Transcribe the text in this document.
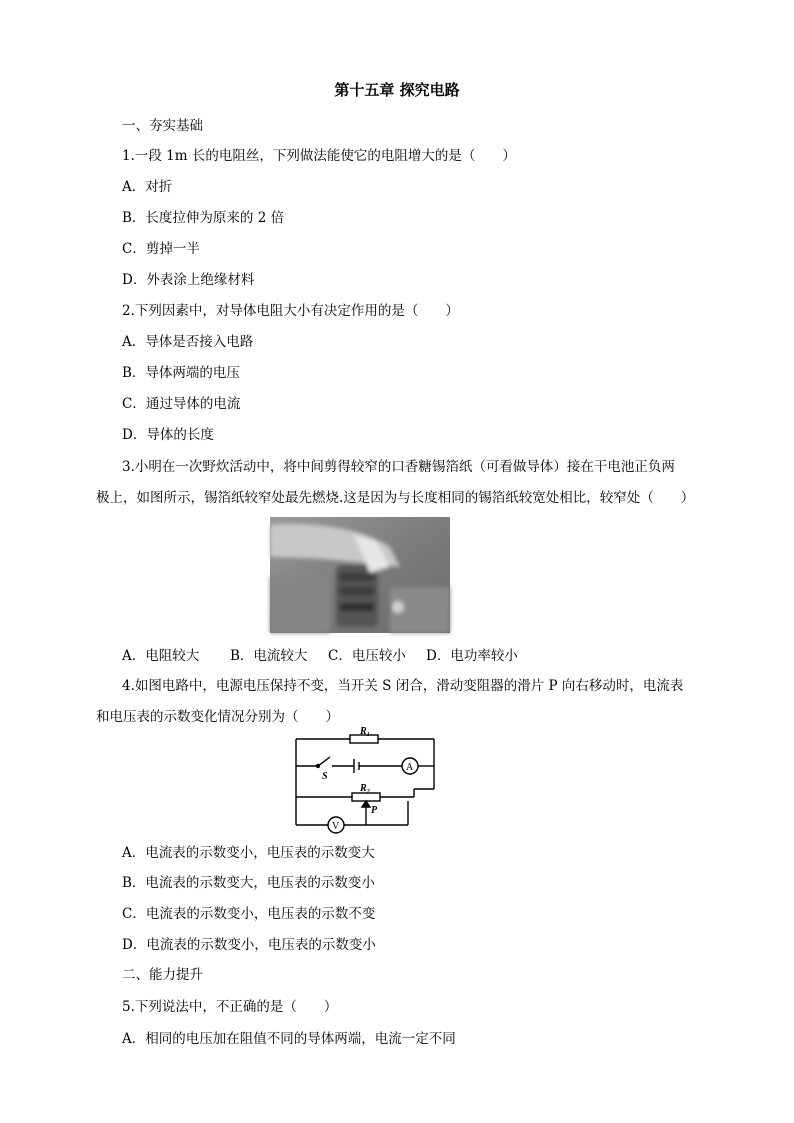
第十五章 探究电路
一、夯实基础
1.一段 1m 长的电阻丝，下列做法能使它的电阻增大的是（　　）
A．对折
B．长度拉伸为原来的 2 倍
C．剪掉一半
D．外表涂上绝缘材料
2.下列因素中，对导体电阻大小有决定作用的是（　　）
A．导体是否接入电路
B．导体两端的电压
C．通过导体的电流
D．导体的长度
3.小明在一次野炊活动中，将中间剪得较窄的口香糖锡箔纸（可看做导体）接在干电池正负两
极上，如图所示，锡箔纸较窄处最先燃烧.这是因为与长度相同的锡箔纸较宽处相比，较窄处（　　）
A．电阻较大 B．电流较大 C．电压较小 D．电功率较小
4.如图电路中，电源电压保持不变，当开关 S 闭合，滑动变阻器的滑片 P 向右移动时，电流表
和电压表的示数变化情况分别为（　　）
R₁
S
A
R₂
P
V
A．电流表的示数变小，电压表的示数变大
B．电流表的示数变大，电压表的示数变小
C．电流表的示数变小，电压表的示数不变
D．电流表的示数变小，电压表的示数变小
二、能力提升
5.下列说法中，不正确的是（　　）
A．相同的电压加在阻值不同的导体两端，电流一定不同
